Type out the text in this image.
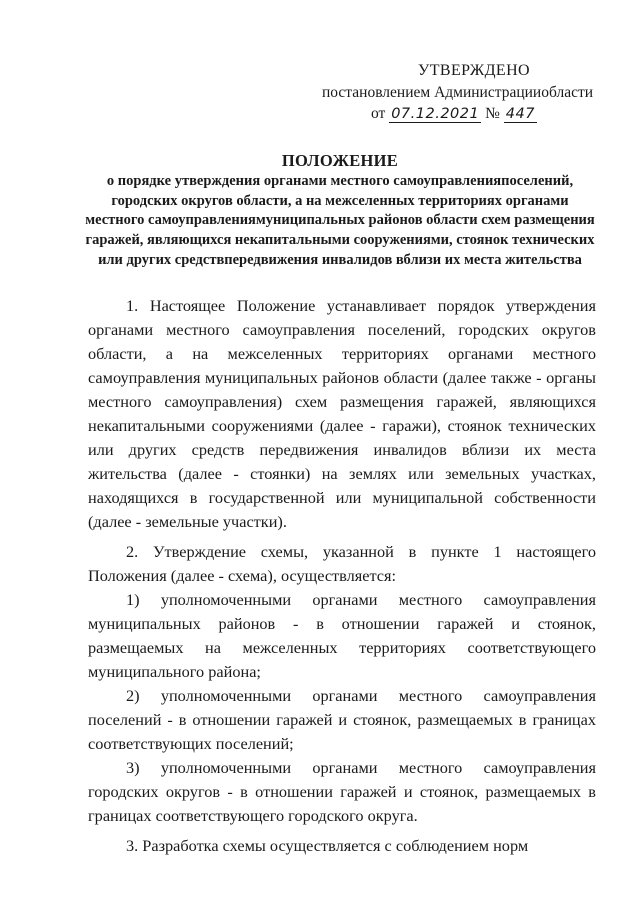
УТВЕРЖДЕНО
постановлением Администрацииобласти
от 07.12.2021 № 447
ПОЛОЖЕНИЕ
о порядке утверждения органами местного самоуправленияпоселений, городских округов области, а на межселенных территориях органами местного самоуправлениямуниципальных районов области схем размещения гаражей, являющихся некапитальными сооружениями, стоянок технических или других средствпередвижения инвалидов вблизи их места жительства

1. Настоящее Положение устанавливает порядок утверждения органами местного самоуправления поселений, городских округов области, а на межселенных территориях органами местного самоуправления муниципальных районов области (далее также - органы местного самоуправления) схем размещения гаражей, являющихся некапитальными сооружениями (далее - гаражи), стоянок технических или других средств передвижения инвалидов вблизи их места жительства (далее - стоянки) на землях или земельных участках, находящихся в государственной или муниципальной собственности (далее - земельные участки).

2. Утверждение схемы, указанной в пункте 1 настоящего Положения (далее - схема), осуществляется:

1) уполномоченными органами местного самоуправления муниципальных районов - в отношении гаражей и стоянок, размещаемых на межселенных территориях соответствующего муниципального района;

2) уполномоченными органами местного самоуправления поселений - в отношении гаражей и стоянок, размещаемых в границах соответствующих поселений;

3) уполномоченными органами местного самоуправления городских округов - в отношении гаражей и стоянок, размещаемых в границах соответствующего городского округа.

3. Разработка схемы осуществляется с соблюдением норм
